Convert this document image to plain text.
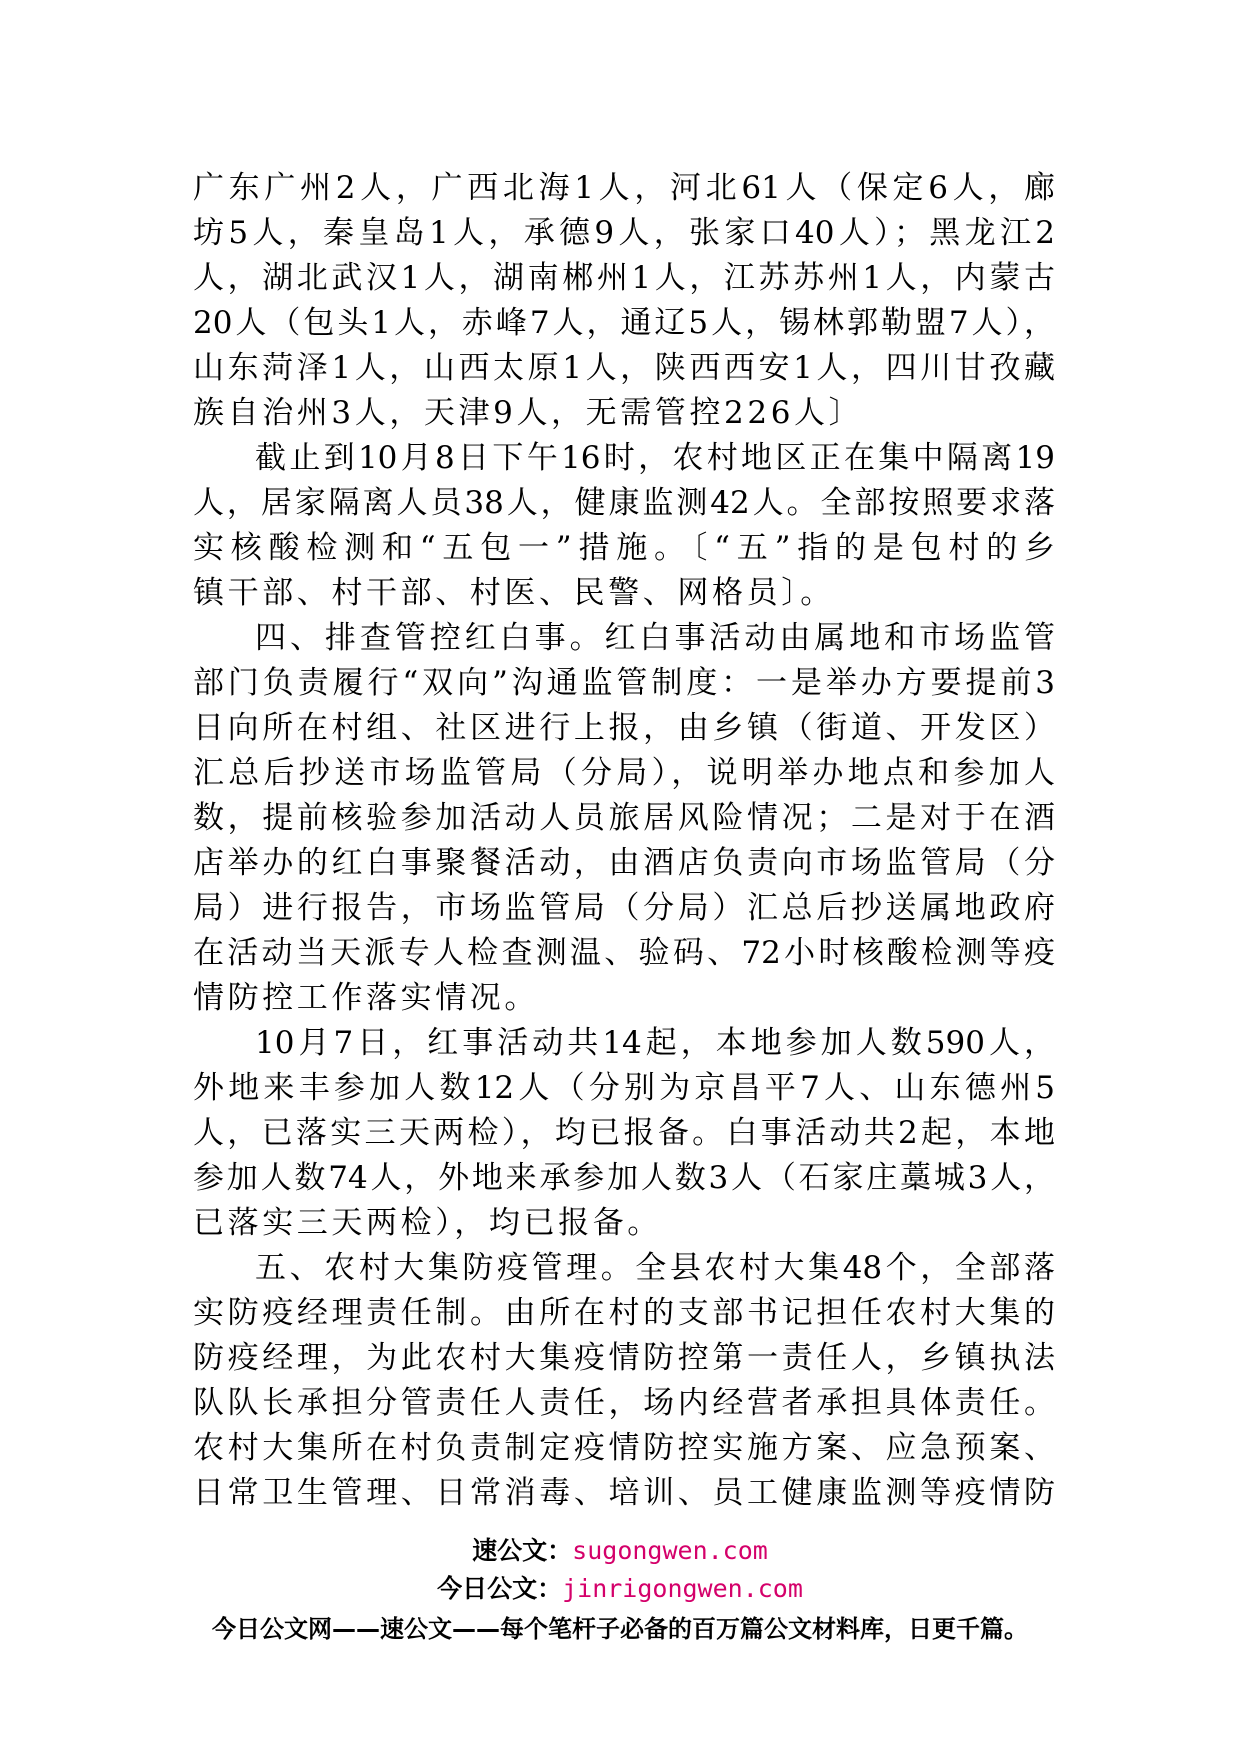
广东广州2人，广西北海1人，河北61人（保定6人，廊
坊5人，秦皇岛1人，承德9人，张家口40人）；黑龙江2
人，湖北武汉1人，湖南郴州1人，江苏苏州1人，内蒙古
20人（包头1人，赤峰7人，通辽5人，锡林郭勒盟7人），
山东菏泽1人，山西太原1人，陕西西安1人，四川甘孜藏
族自治州3人，天津9人，无需管控226人〕
截止到10月8日下午16时，农村地区正在集中隔离19
人，居家隔离人员38人，健康监测42人。全部按照要求落
实核酸检测和“五包一”措施。〔“五”指的是包村的乡
镇干部、村干部、村医、民警、网格员〕。
四、排查管控红白事。红白事活动由属地和市场监管
部门负责履行“双向”沟通监管制度：一是举办方要提前3
日向所在村组、社区进行上报，由乡镇（街道、开发区）
汇总后抄送市场监管局（分局），说明举办地点和参加人
数，提前核验参加活动人员旅居风险情况；二是对于在酒
店举办的红白事聚餐活动，由酒店负责向市场监管局（分
局）进行报告，市场监管局（分局）汇总后抄送属地政府
在活动当天派专人检查测温、验码、72小时核酸检测等疫
情防控工作落实情况。
10月7日，红事活动共14起，本地参加人数590人，
外地来丰参加人数12人（分别为京昌平7人、山东德州5
人，已落实三天两检），均已报备。白事活动共2起，本地
参加人数74人，外地来承参加人数3人（石家庄藁城3人，
已落实三天两检），均已报备。
五、农村大集防疫管理。全县农村大集48个，全部落
实防疫经理责任制。由所在村的支部书记担任农村大集的
防疫经理，为此农村大集疫情防控第一责任人，乡镇执法
队队长承担分管责任人责任，场内经营者承担具体责任。
农村大集所在村负责制定疫情防控实施方案、应急预案、
日常卫生管理、日常消毒、培训、员工健康监测等疫情防
速公文：sugongwen.com
今日公文：jinrigongwen.com
今日公文网——速公文——每个笔杆子必备的百万篇公文材料库，日更千篇。
